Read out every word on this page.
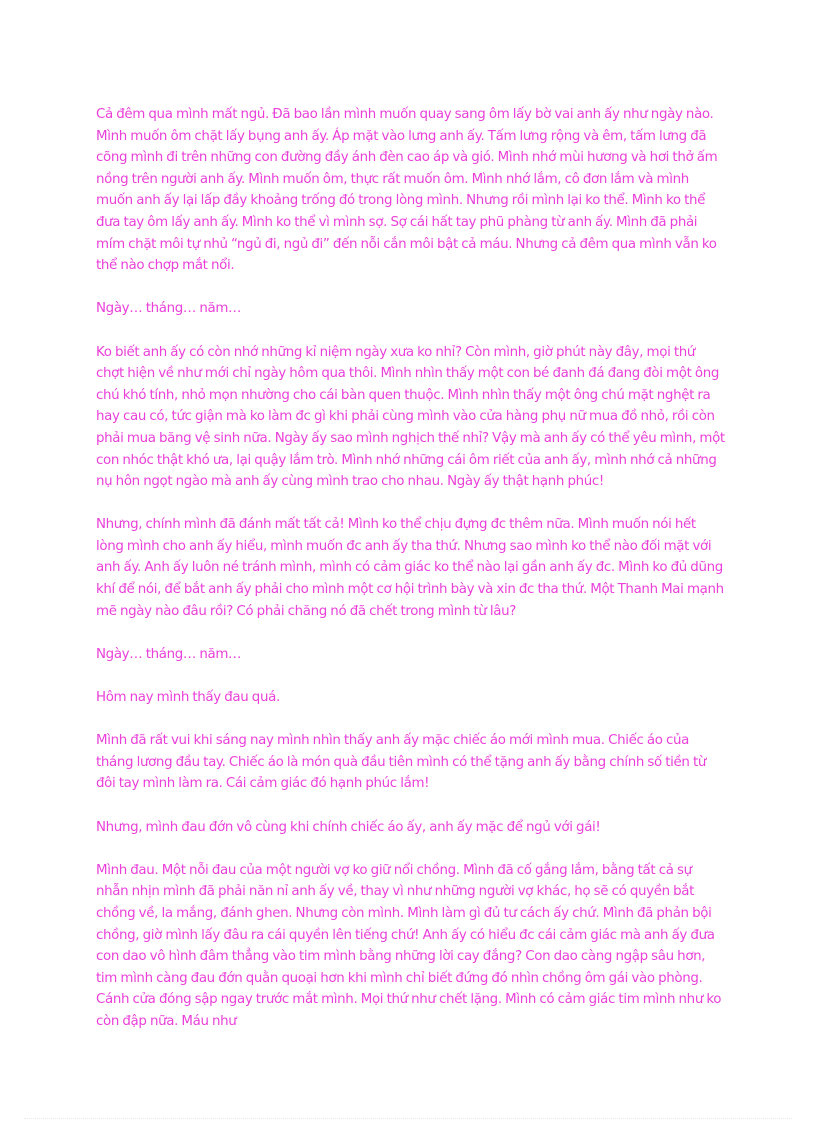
Cả đêm qua mình mất ngủ. Đã bao lần mình muốn quay sang ôm lấy bờ vai anh ấy như ngày nào. Mình muốn ôm chặt lấy bụng anh ấy. Áp mặt vào lưng anh ấy. Tấm lưng rộng và êm, tấm lưng đã cõng mình đi trên những con đường đầy ánh đèn cao áp và gió. Mình nhớ mùi hương và hơi thở ấm nồng trên người anh ấy. Mình muốn ôm, thực rất muốn ôm. Mình nhớ lắm, cô đơn lắm và mình muốn anh ấy lại lấp đầy khoảng trống đó trong lòng mình. Nhưng rồi mình lại ko thể. Mình ko thể đưa tay ôm lấy anh ấy. Mình ko thể vì mình sợ. Sợ cái hất tay phũ phàng từ anh ấy. Mình đã phải mím chặt môi tự nhủ “ngủ đi, ngủ đi” đến nỗi cắn môi bật cả máu. Nhưng cả đêm qua mình vẫn ko thể nào chợp mắt nổi.

Ngày… tháng… năm…

Ko biết anh ấy có còn nhớ những kỉ niệm ngày xưa ko nhỉ? Còn mình, giờ phút này đây, mọi thứ chợt hiện về như mới chỉ ngày hôm qua thôi. Mình nhìn thấy một con bé đanh đá đang đòi một ông chú khó tính, nhỏ mọn nhường cho cái bàn quen thuộc. Mình nhìn thấy một ông chú mặt nghệt ra hay cau có, tức giận mà ko làm đc gì khi phải cùng mình vào cửa hàng phụ nữ mua đồ nhỏ, rồi còn phải mua băng vệ sinh nữa. Ngày ấy sao mình nghịch thế nhỉ? Vậy mà anh ấy có thể yêu mình, một con nhóc thật khó ưa, lại quậy lắm trò. Mình nhớ những cái ôm riết của anh ấy, mình nhớ cả những nụ hôn ngọt ngào mà anh ấy cùng mình trao cho nhau. Ngày ấy thật hạnh phúc!

Nhưng, chính mình đã đánh mất tất cả! Mình ko thể chịu đựng đc thêm nữa. Mình muốn nói hết lòng mình cho anh ấy hiểu, mình muốn đc anh ấy tha thứ. Nhưng sao mình ko thể nào đối mặt với anh ấy. Anh ấy luôn né tránh mình, mình có cảm giác ko thể nào lại gần anh ấy đc. Mình ko đủ dũng khí để nói, để bắt anh ấy phải cho mình một cơ hội trình bày và xin đc tha thứ. Một Thanh Mai mạnh mẽ ngày nào đâu rồi? Có phải chăng nó đã chết trong mình từ lâu?

Ngày… tháng… năm…

Hôm nay mình thấy đau quá.

Mình đã rất vui khi sáng nay mình nhìn thấy anh ấy mặc chiếc áo mới mình mua. Chiếc áo của tháng lương đầu tay. Chiếc áo là món quà đầu tiên mình có thể tặng anh ấy bằng chính số tiền từ đôi tay mình làm ra. Cái cảm giác đó hạnh phúc lắm!

Nhưng, mình đau đớn vô cùng khi chính chiếc áo ấy, anh ấy mặc để ngủ với gái!

Mình đau. Một nỗi đau của một người vợ ko giữ nổi chồng. Mình đã cố gắng lắm, bằng tất cả sự nhẫn nhịn mình đã phải năn nỉ anh ấy về, thay vì như những người vợ khác, họ sẽ có quyền bắt chồng về, la mắng, đánh ghen. Nhưng còn mình. Mình làm gì đủ tư cách ấy chứ. Mình đã phản bội chồng, giờ mình lấy đâu ra cái quyền lên tiếng chứ! Anh ấy có hiểu đc cái cảm giác mà anh ấy đưa con dao vô hình đâm thẳng vào tim mình bằng những lời cay đắng? Con dao càng ngập sâu hơn, tim mình càng đau đớn quằn quoại hơn khi mình chỉ biết đứng đó nhìn chồng ôm gái vào phòng. Cánh cửa đóng sập ngay trước mắt mình. Mọi thứ như chết lặng. Mình có cảm giác tim mình như ko còn đập nữa. Máu như
